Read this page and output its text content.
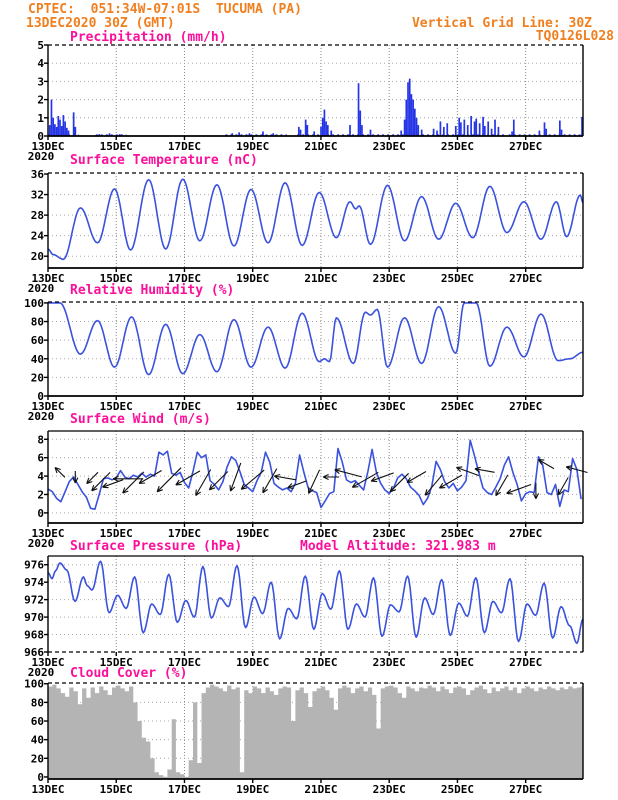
CPTEC:  051:34W-07:01S  TUCUMA (PA)
13DEC2020 30Z (GMT)	Vertical Grid Line: 30Z
TQ0126L028
Precipitation (mm/h)
Surface Temperature (nC)
Relative Humidity (%)
Surface Wind (m/s)
Surface Pressure (hPa)	Model Altitude: 321.983 m
Cloud Cover (%)
0
1
2
3
4
5
13DEC	15DEC	17DEC	19DEC	21DEC	23DEC	25DEC	27DEC
2020
20
24
28
32
36
13DEC	15DEC	17DEC	19DEC	21DEC	23DEC	25DEC	27DEC
2020
0
20
40
60
80
100
13DEC	15DEC	17DEC	19DEC	21DEC	23DEC	25DEC	27DEC
2020
0
2
4
6
8
13DEC	15DEC	17DEC	19DEC	21DEC	23DEC	25DEC	27DEC
2020
966
968
970
972
974
976
13DEC	15DEC	17DEC	19DEC	21DEC	23DEC	25DEC	27DEC
2020
0
20
40
60
80
100
13DEC	15DEC	17DEC	19DEC	21DEC	23DEC	25DEC	27DEC
